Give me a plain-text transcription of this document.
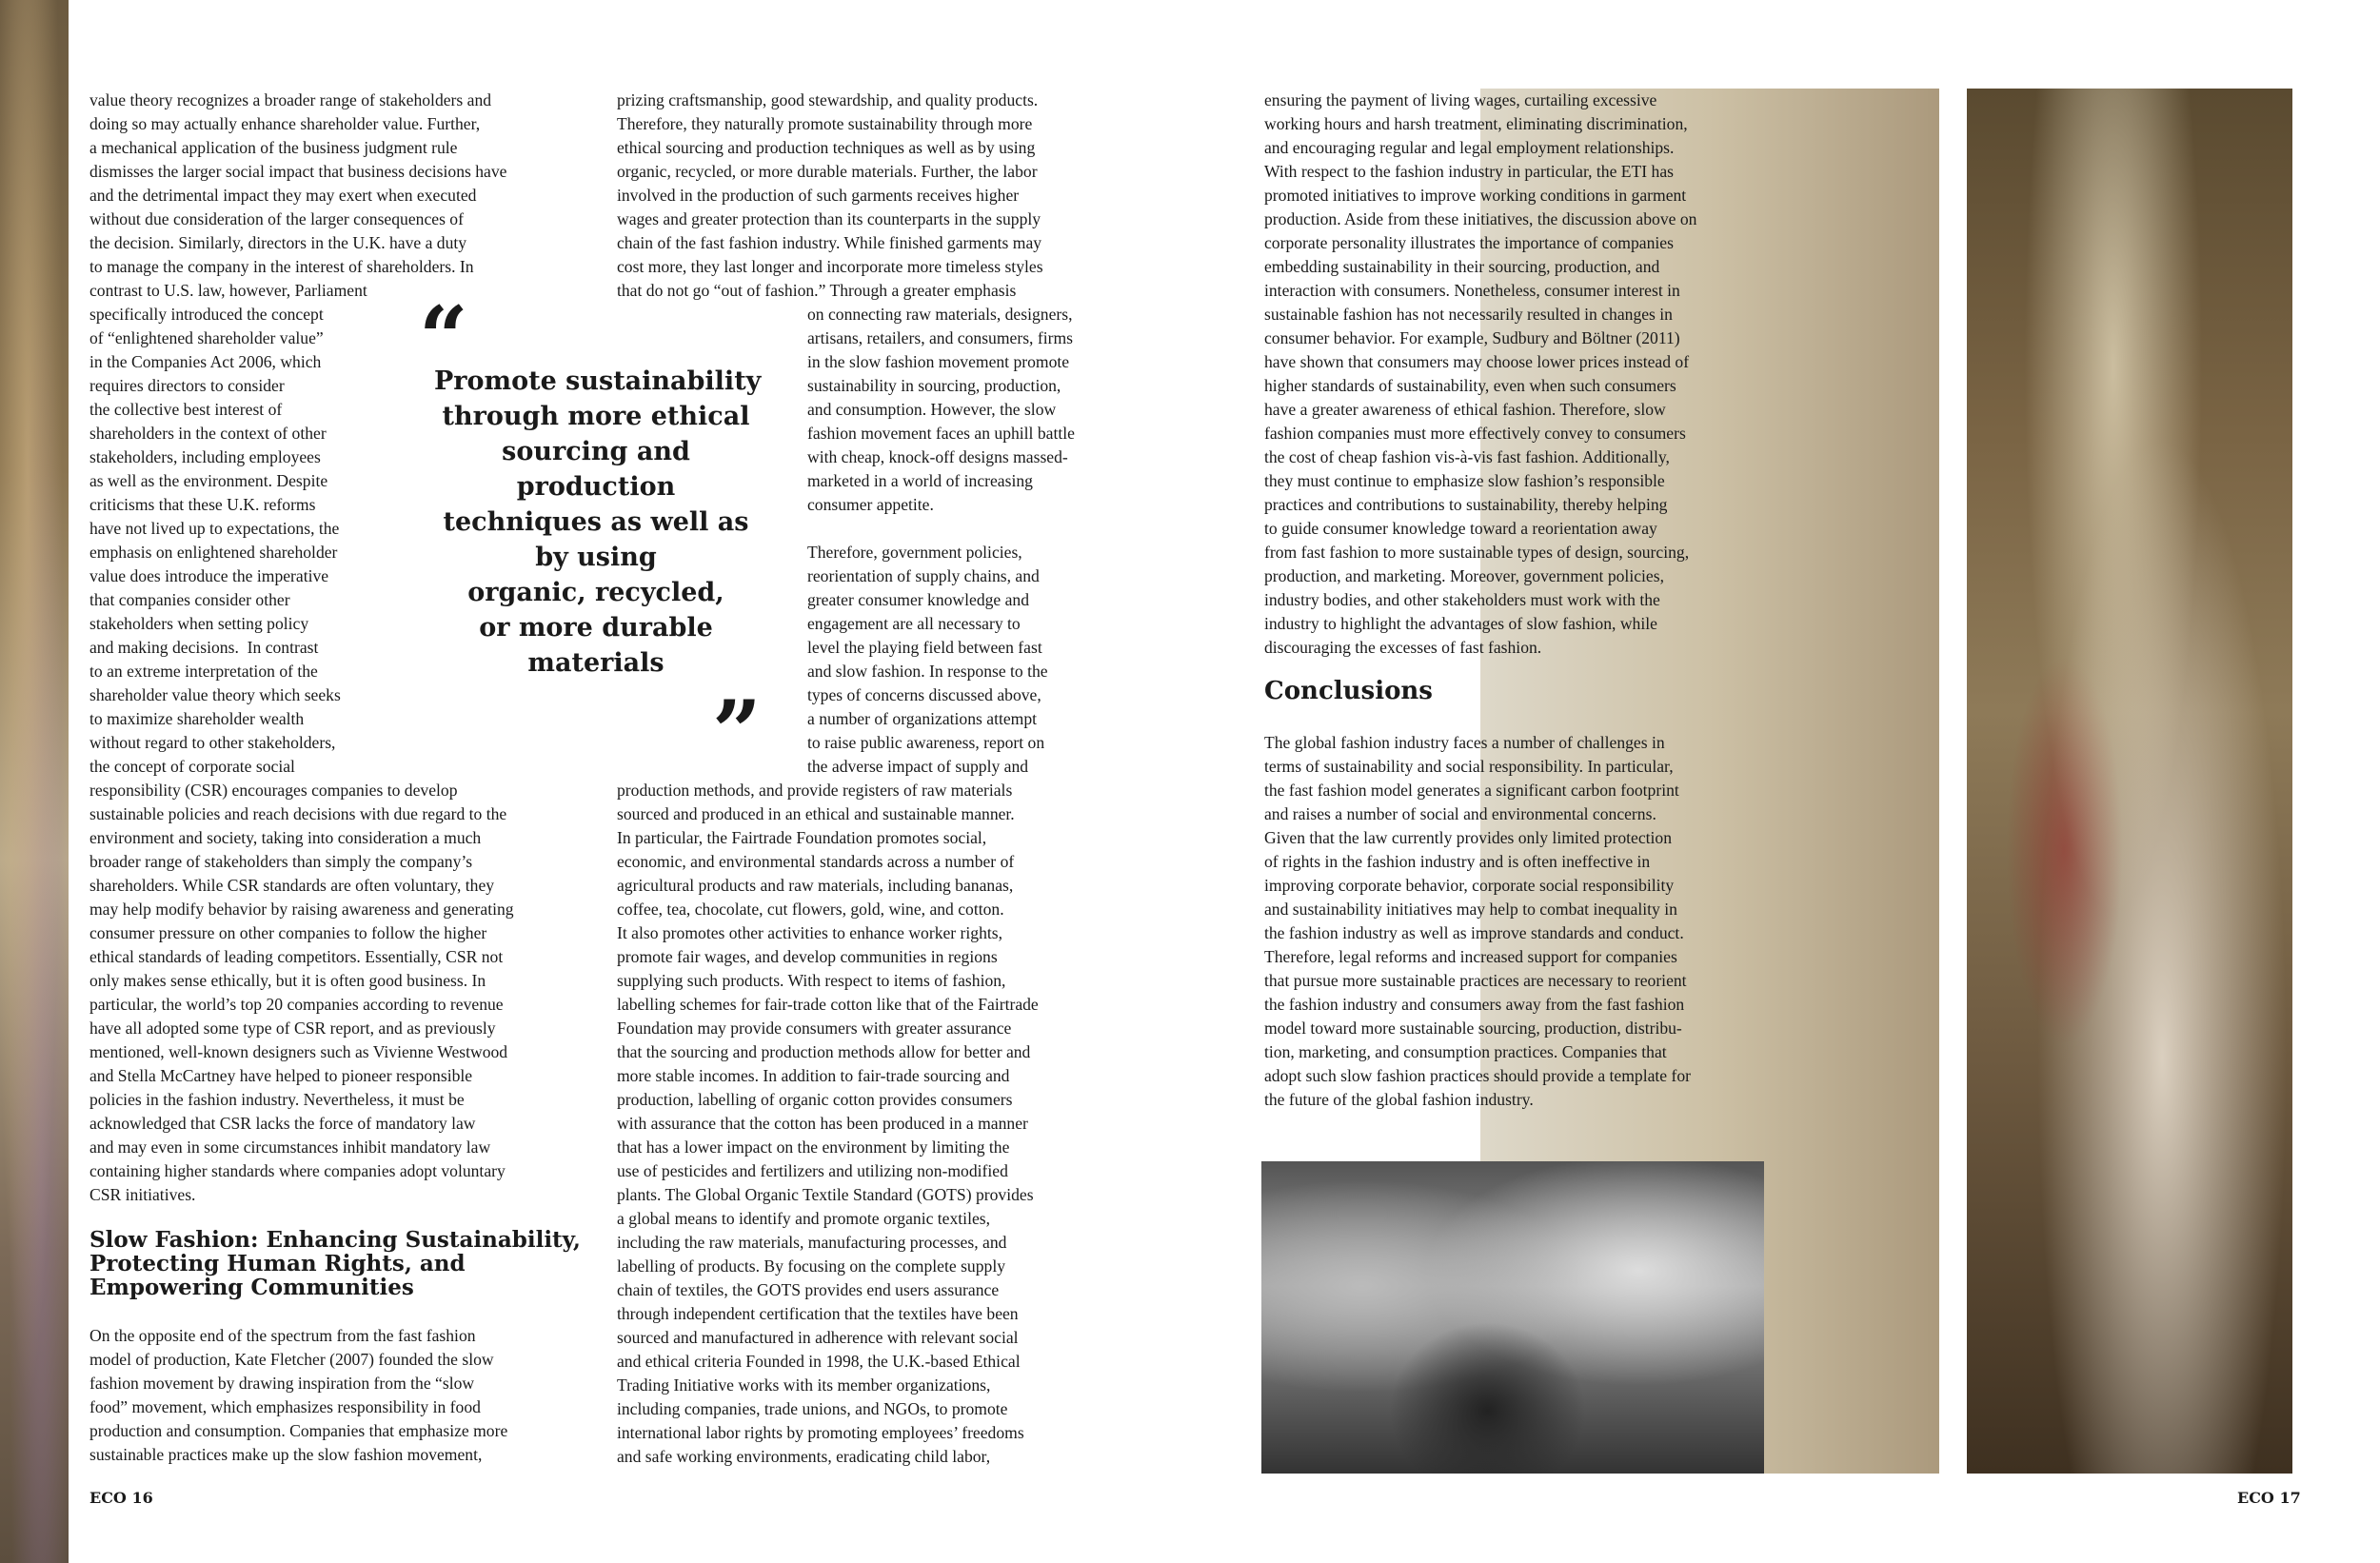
value theory recognizes a broader range of stakeholders and
doing so may actually enhance shareholder value. Further,
a mechanical application of the business judgment rule
dismisses the larger social impact that business decisions have
and the detrimental impact they may exert when executed
without due consideration of the larger consequences of
the decision. Similarly, directors in the U.K. have a duty
to manage the company in the interest of shareholders. In
contrast to U.S. law, however, Parliament
specifically introduced the concept
of “enlightened shareholder value”
in the Companies Act 2006, which
requires directors to consider
the collective best interest of
shareholders in the context of other
stakeholders, including employees
as well as the environment. Despite
criticisms that these U.K. reforms
have not lived up to expectations, the
emphasis on enlightened shareholder
value does introduce the imperative
that companies consider other
stakeholders when setting policy
and making decisions.  In contrast
to an extreme interpretation of the
shareholder value theory which seeks
to maximize shareholder wealth
without regard to other stakeholders,
the concept of corporate social
responsibility (CSR) encourages companies to develop
sustainable policies and reach decisions with due regard to the
environment and society, taking into consideration a much
broader range of stakeholders than simply the company’s
shareholders. While CSR standards are often voluntary, they
may help modify behavior by raising awareness and generating
consumer pressure on other companies to follow the higher
ethical standards of leading competitors. Essentially, CSR not
only makes sense ethically, but it is often good business. In
particular, the world’s top 20 companies according to revenue
have all adopted some type of CSR report, and as previously
mentioned, well-known designers such as Vivienne Westwood
and Stella McCartney have helped to pioneer responsible
policies in the fashion industry. Nevertheless, it must be
acknowledged that CSR lacks the force of mandatory law
and may even in some circumstances inhibit mandatory law
containing higher standards where companies adopt voluntary
CSR initiatives.

Slow Fashion: Enhancing Sustainability,
Protecting Human Rights, and
Empowering Communities

On the opposite end of the spectrum from the fast fashion
model of production, Kate Fletcher (2007) founded the slow
fashion movement by drawing inspiration from the “slow
food” movement, which emphasizes responsibility in food
production and consumption. Companies that emphasize more
sustainable practices make up the slow fashion movement,

“

Promote sustainability
through more ethical
sourcing and
production
techniques as well as
by using
organic, recycled,
or more durable
materials

”

prizing craftsmanship, good stewardship, and quality products.
Therefore, they naturally promote sustainability through more
ethical sourcing and production techniques as well as by using
organic, recycled, or more durable materials. Further, the labor
involved in the production of such garments receives higher
wages and greater protection than its counterparts in the supply
chain of the fast fashion industry. While finished garments may
cost more, they last longer and incorporate more timeless styles
that do not go “out of fashion.” Through a greater emphasis

on connecting raw materials, designers,
artisans, retailers, and consumers, firms
in the slow fashion movement promote
sustainability in sourcing, production,
and consumption. However, the slow
fashion movement faces an uphill battle
with cheap, knock-off designs massed-
marketed in a world of increasing
consumer appetite.

Therefore, government policies,
reorientation of supply chains, and
greater consumer knowledge and
engagement are all necessary to
level the playing field between fast
and slow fashion. In response to the
types of concerns discussed above,
a number of organizations attempt
to raise public awareness, report on
the adverse impact of supply and

production methods, and provide registers of raw materials
sourced and produced in an ethical and sustainable manner.
In particular, the Fairtrade Foundation promotes social,
economic, and environmental standards across a number of
agricultural products and raw materials, including bananas,
coffee, tea, chocolate, cut flowers, gold, wine, and cotton.
It also promotes other activities to enhance worker rights,
promote fair wages, and develop communities in regions
supplying such products. With respect to items of fashion,
labelling schemes for fair-trade cotton like that of the Fairtrade
Foundation may provide consumers with greater assurance
that the sourcing and production methods allow for better and
more stable incomes. In addition to fair-trade sourcing and
production, labelling of organic cotton provides consumers
with assurance that the cotton has been produced in a manner
that has a lower impact on the environment by limiting the
use of pesticides and fertilizers and utilizing non-modified
plants. The Global Organic Textile Standard (GOTS) provides
a global means to identify and promote organic textiles,
including the raw materials, manufacturing processes, and
labelling of products. By focusing on the complete supply
chain of textiles, the GOTS provides end users assurance
through independent certification that the textiles have been
sourced and manufactured in adherence with relevant social
and ethical criteria Founded in 1998, the U.K.-based Ethical
Trading Initiative works with its member organizations,
including companies, trade unions, and NGOs, to promote
international labor rights by promoting employees’ freedoms
and safe working environments, eradicating child labor,

ensuring the payment of living wages, curtailing excessive
working hours and harsh treatment, eliminating discrimination,
and encouraging regular and legal employment relationships.
With respect to the fashion industry in particular, the ETI has
promoted initiatives to improve working conditions in garment
production. Aside from these initiatives, the discussion above on
corporate personality illustrates the importance of companies
embedding sustainability in their sourcing, production, and
interaction with consumers. Nonetheless, consumer interest in
sustainable fashion has not necessarily resulted in changes in
consumer behavior. For example, Sudbury and Böltner (2011)
have shown that consumers may choose lower prices instead of
higher standards of sustainability, even when such consumers
have a greater awareness of ethical fashion. Therefore, slow
fashion companies must more effectively convey to consumers
the cost of cheap fashion vis-à-vis fast fashion. Additionally,
they must continue to emphasize slow fashion’s responsible
practices and contributions to sustainability, thereby helping
to guide consumer knowledge toward a reorientation away
from fast fashion to more sustainable types of design, sourcing,
production, and marketing. Moreover, government policies,
industry bodies, and other stakeholders must work with the
industry to highlight the advantages of slow fashion, while
discouraging the excesses of fast fashion.

Conclusions

The global fashion industry faces a number of challenges in
terms of sustainability and social responsibility. In particular,
the fast fashion model generates a significant carbon footprint
and raises a number of social and environmental concerns.
Given that the law currently provides only limited protection
of rights in the fashion industry and is often ineffective in
improving corporate behavior, corporate social responsibility
and sustainability initiatives may help to combat inequality in
the fashion industry as well as improve standards and conduct.
Therefore, legal reforms and increased support for companies
that pursue more sustainable practices are necessary to reorient
the fashion industry and consumers away from the fast fashion
model toward more sustainable sourcing, production, distribu-
tion, marketing, and consumption practices. Companies that
adopt such slow fashion practices should provide a template for
the future of the global fashion industry.

ECO 16	ECO 17
